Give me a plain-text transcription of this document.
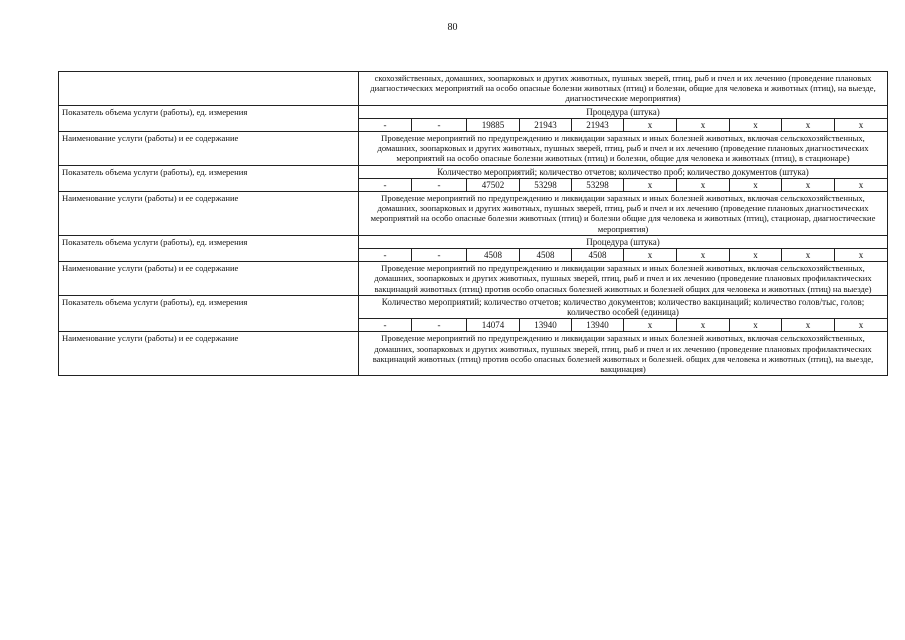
80
	скохозяйственных, домашних, зоопарковых и других животных, пушных зверей, птиц, рыб и пчел и их лечению (проведение плановых диагностических мероприятий на особо опасные болезни животных (птиц) и болезни, общие для человека и животных (птиц), на выезде, диагностические мероприятия)									
Показатель объема услуги (работы), ед. измерения	Процедура (штука)									
	-	-	19885	21943	21943	х	х	х	х	х
Наименование услуги (работы) и ее содержание	Проведение мероприятий по предупреждению и ликвидации заразных и иных болезней животных, включая сельскохозяйственных, домашних, зоопарковых и других животных, пушных зверей, птиц, рыб и пчел и их лечению (проведение плановых диагностических мероприятий на особо опасные болезни животных (птиц) и болезни, общие для человека и животных (птиц), в стационаре)									
Показатель объема услуги (работы), ед. измерения	Количество мероприятий; количество отчетов; количество проб; количество документов (штука)									
	-	-	47502	53298	53298	х	х	х	х	х
Наименование услуги (работы) и ее содержание	Проведение мероприятий по предупреждению и ликвидации заразных и иных болезней животных, включая сельскохозяйственных, домашних, зоопарковых и других животных, пушных зверей, птиц, рыб и пчел и их лечению (проведение плановых диагностических мероприятий на особо опасные болезни животных (птиц) и болезни общие для человека и животных (птиц), стационар, диагностические мероприятия)									
Показатель объема услуги (работы), ед. измерения	Процедура (штука)									
	-	-	4508	4508	4508	х	х	х	х	х
Наименование услуги (работы) и ее содержание	Проведение мероприятий по предупреждению и ликвидации заразных и иных болезней животных, включая сельскохозяйственных, домашних, зоопарковых и других животных, пушных зверей, птиц, рыб и пчел и их лечению (проведение плановых профилактических вакцинаций животных (птиц) против особо опасных болезней животных и болезней общих для человека и животных (птиц) на выезде)									
Показатель объема услуги (работы), ед. измерения	Количество мероприятий; количество отчетов; количество документов; количество вакцинаций; количество голов/тыс, голов; количество особей (единица)									
	-	-	14074	13940	13940	х	х	х	х	х
Наименование услуги (работы) и ее содержание	Проведение мероприятий по предупреждению и ликвидации заразных и иных болезней животных, включая сельскохозяйственных, домашних, зоопарковых и других животных, пушных зверей, птиц, рыб и пчел и их лечению (проведение плановых профилактических вакцинаций животных (птиц) против особо опасных болезней животных и болезней. общих для человека и животных (птиц), на выезде, вакцинация)									
